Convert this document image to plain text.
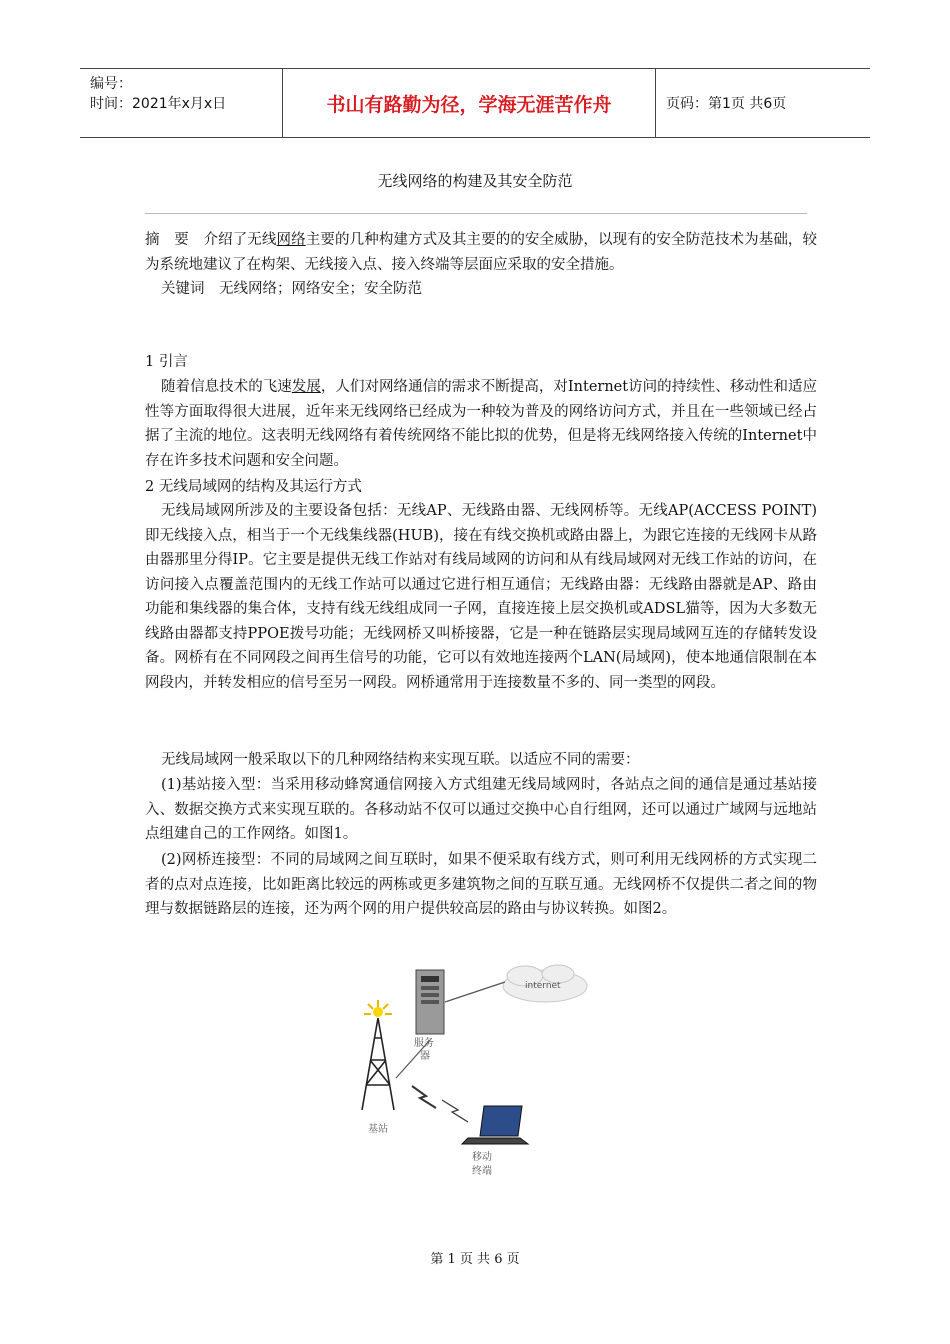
编号：
时间：2021年x月x日	书山有路勤为径，学海无涯苦作舟	页码：第1页 共6页
无线网络的构建及其安全防范
摘　要　 介绍了无线网络主要的几种构建方式及其主要的的安全威胁，以现有的安全防范技术为基础，较为系统地建议了在构架、无线接入点、接入终端等层面应采取的安全措施。
关键词　 无线网络；网络安全；安全防范
1 引言
随着信息技术的飞速发展，人们对网络通信的需求不断提高，对Internet访问的持续性、移动性和适应性等方面取得很大进展，近年来无线网络已经成为一种较为普及的网络访问方式，并且在一些领域已经占据了主流的地位。这表明无线网络有着传统网络不能比拟的优势，但是将无线网络接入传统的Internet中存在许多技术问题和安全问题。
2 无线局域网的结构及其运行方式
无线局域网所涉及的主要设备包括：无线AP、无线路由器、无线网桥等。无线AP(ACCESS POINT)即无线接入点，相当于一个无线集线器(HUB)，接在有线交换机或路由器上，为跟它连接的无线网卡从路由器那里分得IP。它主要是提供无线工作站对有线局域网的访问和从有线局域网对无线工作站的访问，在访问接入点覆盖范围内的无线工作站可以通过它进行相互通信；无线路由器：无线路由器就是AP、路由功能和集线器的集合体，支持有线无线组成同一子网，直接连接上层交换机或ADSL猫等，因为大多数无线路由器都支持PPOE拨号功能；无线网桥又叫桥接器，它是一种在链路层实现局域网互连的存储转发设备。网桥有在不同网段之间再生信号的功能，它可以有效地连接两个LAN(局域网)，使本地通信限制在本网段内，并转发相应的信号至另一网段。网桥通常用于连接数量不多的、同一类型的网段。
无线局域网一般采取以下的几种网络结构来实现互联。以适应不同的需要：
(1)基站接入型：当采用移动蜂窝通信网接入方式组建无线局域网时，各站点之间的通信是通过基站接入、数据交换方式来实现互联的。各移动站不仅可以通过交换中心自行组网，还可以通过广域网与远地站点组建自己的工作网络。如图1。
(2)网桥连接型：不同的局域网之间互联时，如果不便采取有线方式，则可利用无线网桥的方式实现二者的点对点连接，比如距离比较远的两栋或更多建筑物之间的互联互通。无线网桥不仅提供二者之间的物理与数据链路层的连接，还为两个网的用户提供较高层的路由与协议转换。如图2。
internet
服务
器
基站
移动
终端
第 1 页 共 6 页
